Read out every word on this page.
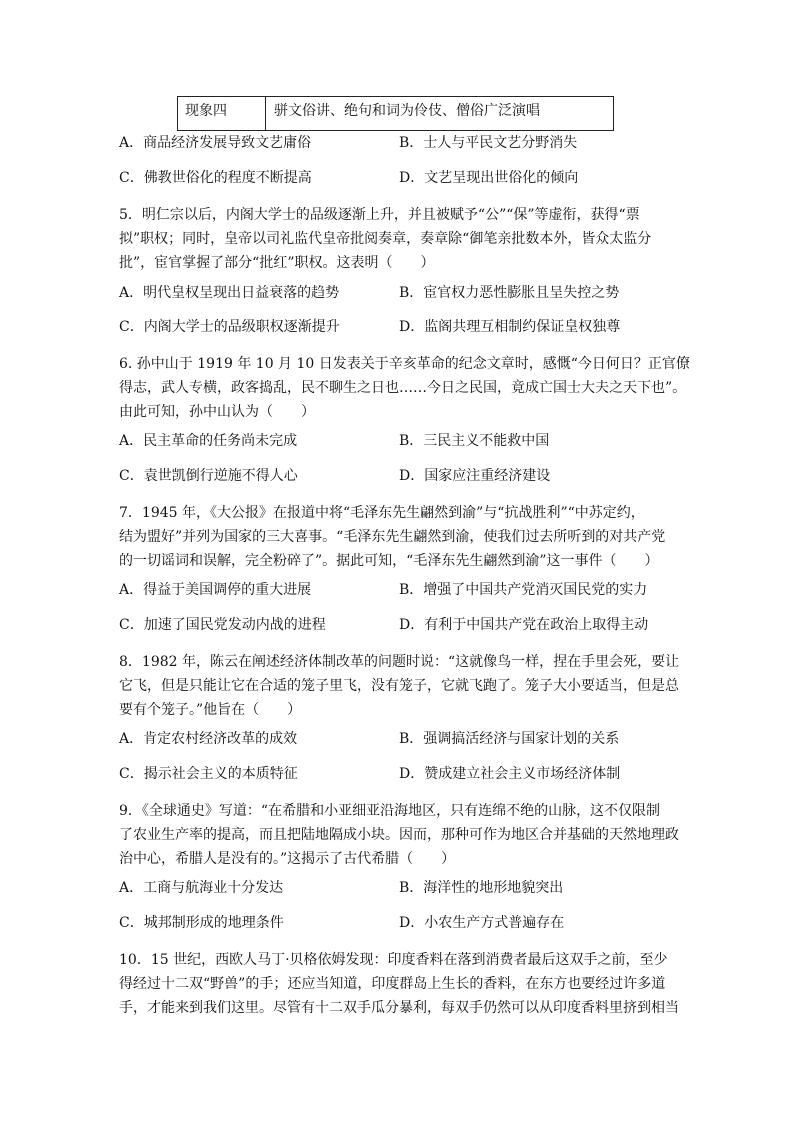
现象四	骈文俗讲、绝句和词为伶伎、僧俗广泛演唱
A．商品经济发展导致文艺庸俗	B．士人与平民文艺分野消失
C．佛教世俗化的程度不断提高	D．文艺呈现出世俗化的倾向
5．明仁宗以后，内阁大学士的品级逐渐上升，并且被赋予“公”“保”等虚衔，获得“票
拟”职权；同时，皇帝以司礼监代皇帝批阅奏章，奏章除“御笔亲批数本外，皆众太监分
批”，宦官掌握了部分“批红”职权。这表明（　　）
A．明代皇权呈现出日益衰落的趋势	B．宦官权力恶性膨胀且呈失控之势
C．内阁大学士的品级职权逐渐提升	D．监阁共理互相制约保证皇权独尊
6. 孙中山于 1919 年 10 月 10 日发表关于辛亥革命的纪念文章时，感慨“今日何日？正官僚
得志，武人专横，政客捣乱，民不聊生之日也……今日之民国，竟成亡国士大夫之天下也”。
由此可知，孙中山认为（　　）
A．民主革命的任务尚未完成	B．三民主义不能救中国
C．袁世凯倒行逆施不得人心	D．国家应注重经济建设
7．1945 年，《大公报》在报道中将“毛泽东先生翩然到渝”与“抗战胜利”“中苏定约，
结为盟好”并列为国家的三大喜事。“毛泽东先生翩然到渝，使我们过去所听到的对共产党
的一切谣词和误解，完全粉碎了”。据此可知，“毛泽东先生翩然到渝”这一事件（　　）
A．得益于美国调停的重大进展	B．增强了中国共产党消灭国民党的实力
C．加速了国民党发动内战的进程	D．有利于中国共产党在政治上取得主动
8．1982 年，陈云在阐述经济体制改革的问题时说：“这就像鸟一样，捏在手里会死，要让
它飞，但是只能让它在合适的笼子里飞，没有笼子，它就飞跑了。笼子大小要适当，但是总
要有个笼子。”他旨在（　　）
A．肯定农村经济改革的成效	B．强调搞活经济与国家计划的关系
C．揭示社会主义的本质特征	D．赞成建立社会主义市场经济体制
9．《全球通史》写道：“在希腊和小亚细亚沿海地区，只有连绵不绝的山脉，这不仅限制
了农业生产率的提高，而且把陆地隔成小块。因而，那种可作为地区合并基础的天然地理政
治中心，希腊人是没有的。”这揭示了古代希腊（　　）
A．工商与航海业十分发达	B．海洋性的地形地貌突出
C．城邦制形成的地理条件	D．小农生产方式普遍存在
10．15 世纪，西欧人马丁·贝格依姆发现：印度香料在落到消费者最后这双手之前，至少
得经过十二双“野兽”的手；还应当知道，印度群岛上生长的香料，在东方也要经过许多道
手，才能来到我们这里。尽管有十二双手瓜分暴利，每双手仍然可以从印度香料里挤到相当
